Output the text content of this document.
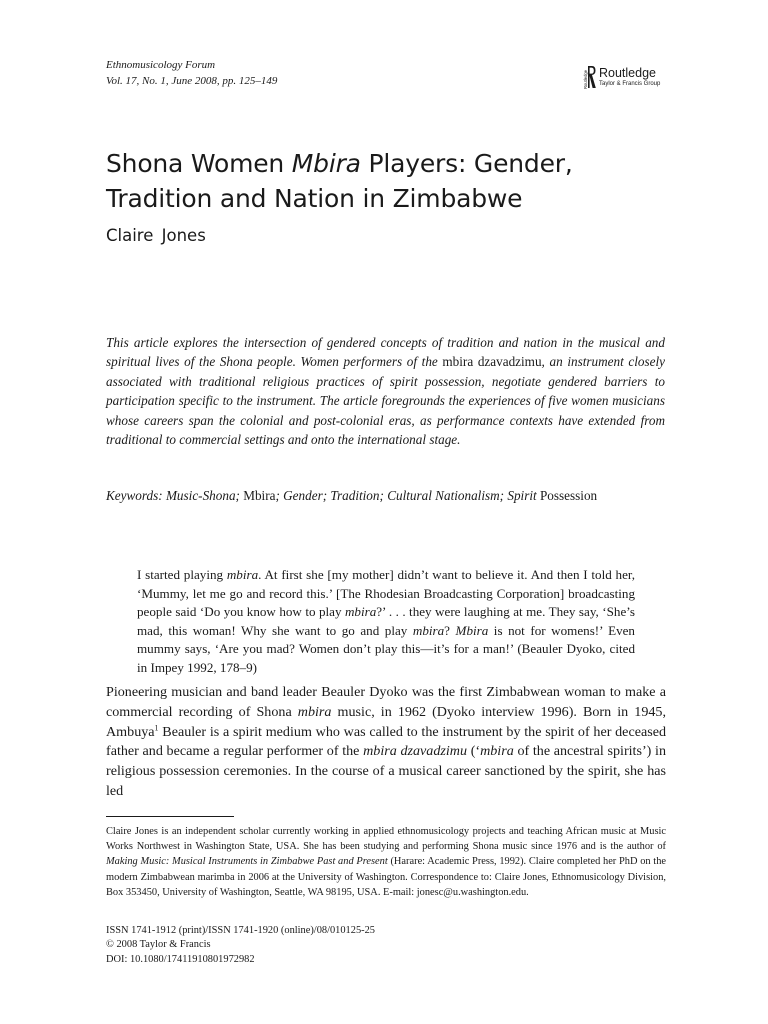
Ethnomusicology Forum
Vol. 17, No. 1, June 2008, pp. 125–149	Routledge Routledge
Taylor & Francis Group
Shona Women Mbira Players: Gender, Tradition and Nation in Zimbabwe
Claire Jones

This article explores the intersection of gendered concepts of tradition and nation in the musical and spiritual lives of the Shona people. Women performers of the mbira dzavadzimu, an instrument closely associated with traditional religious practices of spirit possession, negotiate gendered barriers to participation specific to the instrument. The article foregrounds the experiences of five women musicians whose careers span the colonial and post-colonial eras, as performance contexts have extended from traditional to commercial settings and onto the international stage.

Keywords: Music-Shona; Mbira; Gender; Tradition; Cultural Nationalism; Spirit Possession

I started playing mbira. At first she [my mother] didn’t want to believe it. And then I told her, ‘Mummy, let me go and record this.’ [The Rhodesian Broadcasting Corporation] broadcasting people said ‘Do you know how to play mbira?’ . . . they were laughing at me. They say, ‘She’s mad, this woman! Why she want to go and play mbira? Mbira is not for womens!’ Even mummy says, ‘Are you mad? Women don’t play this—it’s for a man!’ (Beauler Dyoko, cited in Impey 1992, 178–9)

Pioneering musician and band leader Beauler Dyoko was the first Zimbabwean woman to make a commercial recording of Shona mbira music, in 1962 (Dyoko interview 1996). Born in 1945, Ambuya$^1$ Beauler is a spirit medium who was called to the instrument by the spirit of her deceased father and became a regular performer of the mbira dzavadzimu (‘mbira of the ancestral spirits’) in religious possession ceremonies. In the course of a musical career sanctioned by the spirit, she has led

Claire Jones is an independent scholar currently working in applied ethnomusicology projects and teaching African music at Music Works Northwest in Washington State, USA. She has been studying and performing Shona music since 1976 and is the author of Making Music: Musical Instruments in Zimbabwe Past and Present (Harare: Academic Press, 1992). Claire completed her PhD on the modern Zimbabwean marimba in 2006 at the University of Washington. Correspondence to: Claire Jones, Ethnomusicology Division, Box 353450, University of Washington, Seattle, WA 98195, USA. E-mail: jonesc@u.washington.edu.

ISSN 1741-1912 (print)/ISSN 1741-1920 (online)/08/010125-25
© 2008 Taylor & Francis
DOI: 10.1080/17411910801972982
